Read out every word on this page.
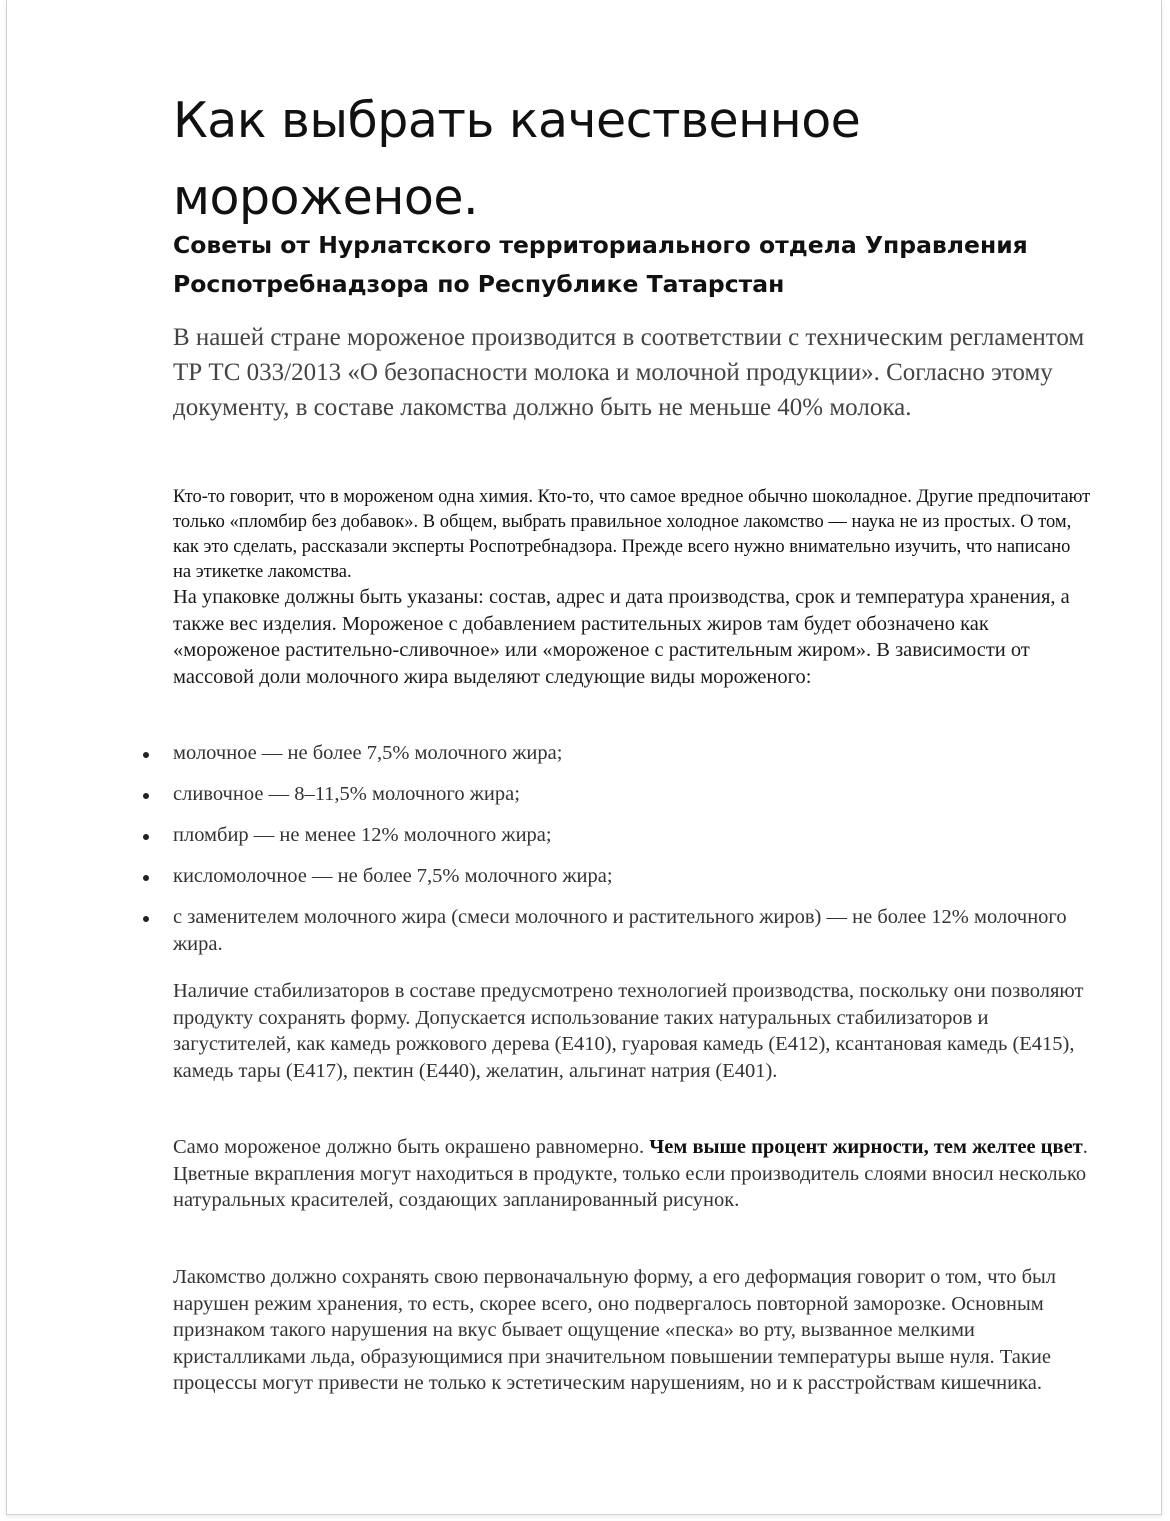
Как выбрать качественное мороженое.
Советы от Нурлатского территориального отдела Управления Роспотребнадзора по Республике Татарстан

В нашей стране мороженое производится в соответствии с техническим регламентом ТР ТС 033/2013 «О безопасности молока и молочной продукции». Согласно этому документу, в составе лакомства должно быть не меньше 40% молока.

Кто-то говорит, что в мороженом одна химия. Кто-то, что самое вредное обычно шоколадное. Другие предпочитают только «пломбир без добавок». В общем, выбрать правильное холодное лакомство — наука не из простых. О том, как это сделать, рассказали эксперты Роспотребнадзора. Прежде всего нужно внимательно изучить, что написано на этикетке лакомства.

На упаковке должны быть указаны: состав, адрес и дата производства, срок и температура хранения, а также вес изделия. Мороженое с добавлением растительных жиров там будет обозначено как «мороженое растительно-сливочное» или «мороженое с растительным жиром». В зависимости от массовой доли молочного жира выделяют следующие виды мороженого:

молочное — не более 7,5% молочного жира;
сливочное — 8–11,5% молочного жира;
пломбир — не менее 12% молочного жира;
кисломолочное — не более 7,5% молочного жира;
с заменителем молочного жира (смеси молочного и растительного жиров) — не более 12% молочного жира.

Наличие стабилизаторов в составе предусмотрено технологией производства, поскольку они позволяют продукту сохранять форму. Допускается использование таких натуральных стабилизаторов и загустителей, как камедь рожкового дерева (Е410), гуаровая камедь (Е412), ксантановая камедь (Е415), камедь тары (Е417), пектин (Е440), желатин, альгинат натрия (Е401).

Само мороженое должно быть окрашено равномерно. Чем выше процент жирности, тем желтее цвет. Цветные вкрапления могут находиться в продукте, только если производитель слоями вносил несколько натуральных красителей, создающих запланированный рисунок.

Лакомство должно сохранять свою первоначальную форму, а его деформация говорит о том, что был нарушен режим хранения, то есть, скорее всего, оно подвергалось повторной заморозке. Основным признаком такого нарушения на вкус бывает ощущение «песка» во рту, вызванное мелкими кристалликами льда, образующимися при значительном повышении температуры выше нуля. Такие процессы могут привести не только к эстетическим нарушениям, но и к расстройствам кишечника.
